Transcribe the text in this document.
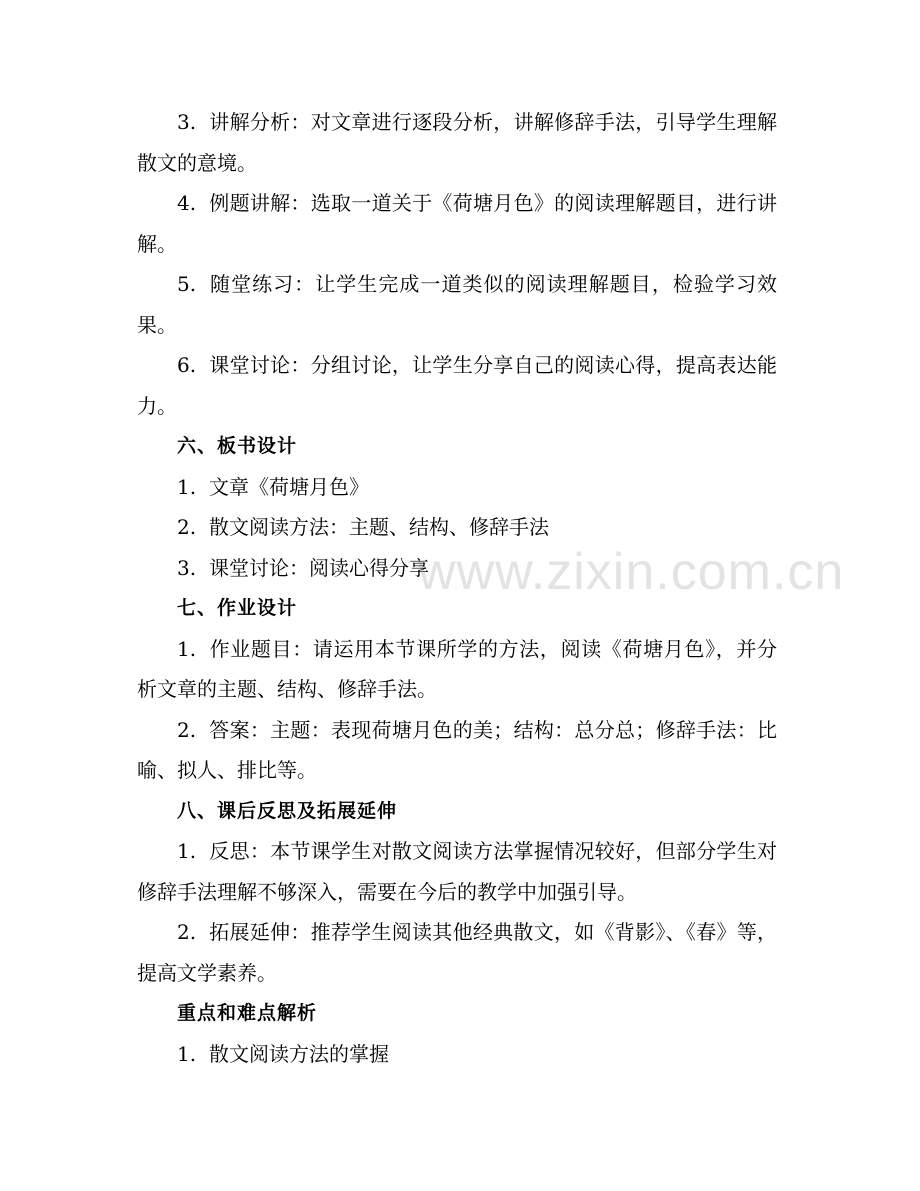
www.zixin.com.cn

3. 讲解分析：对文章进行逐段分析，讲解修辞手法，引导学生理解散文的意境。

4. 例题讲解：选取一道关于《荷塘月色》的阅读理解题目，进行讲解。

5. 随堂练习：让学生完成一道类似的阅读理解题目，检验学习效果。

6. 课堂讨论：分组讨论，让学生分享自己的阅读心得，提高表达能力。

六、板书设计

1. 文章《荷塘月色》

2. 散文阅读方法：主题、结构、修辞手法

3. 课堂讨论：阅读心得分享

七、作业设计

1. 作业题目：请运用本节课所学的方法，阅读《荷塘月色》，并分析文章的主题、结构、修辞手法。

2. 答案：主题：表现荷塘月色的美；结构：总分总；修辞手法：比喻、拟人、排比等。

八、课后反思及拓展延伸

1. 反思：本节课学生对散文阅读方法掌握情况较好，但部分学生对修辞手法理解不够深入，需要在今后的教学中加强引导。

2. 拓展延伸：推荐学生阅读其他经典散文，如《背影》、《春》等，提高文学素养。

重点和难点解析

1. 散文阅读方法的掌握
